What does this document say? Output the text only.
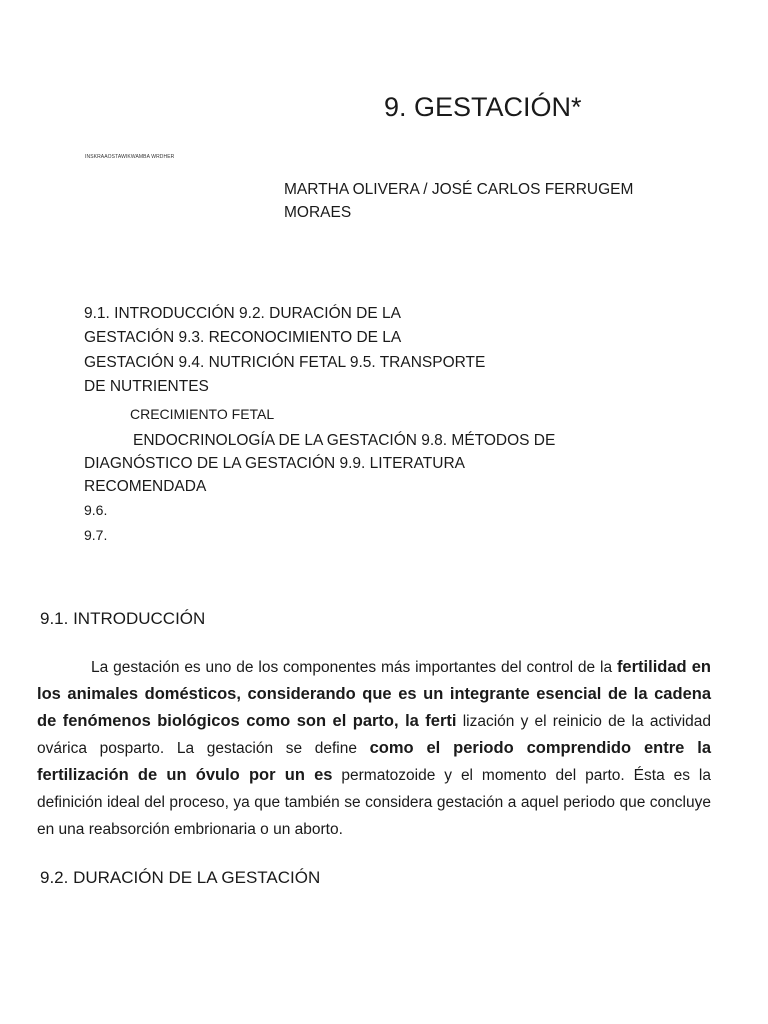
9. GESTACIÓN*
INSKRAAOSTAWIKWAMBA WRDHER
MARTHA OLIVERA / JOSÉ CARLOS FERRUGEM
MORAES
9.1. INTRODUCCIÓN 9.2. DURACIÓN DE LA
GESTACIÓN 9.3. RECONOCIMIENTO DE LA
GESTACIÓN 9.4. NUTRICIÓN FETAL 9.5. TRANSPORTE
DE NUTRIENTES
CRECIMIENTO FETAL
ENDOCRINOLOGÍA DE LA GESTACIÓN 9.8. MÉTODOS DE
DIAGNÓSTICO DE LA GESTACIÓN 9.9. LITERATURA
RECOMENDADA
9.6.
9.7.
9.1. INTRODUCCIÓN

La gestación es uno de los componentes más importantes del control de la fertilidad en los animales domésticos, considerando que es un integrante esencial de la cadena de fenómenos biológicos como son el parto, la ferti lización y el reinicio de la actividad ovárica posparto. La gestación se define como el periodo comprendido entre la fertilización de un óvulo por un es permatozoide y el momento del parto. Ésta es la definición ideal del proceso, ya que también se considera gestación a aquel periodo que concluye en una reabsorción embrionaria o un aborto.

9.2. DURACIÓN DE LA GESTACIÓN
